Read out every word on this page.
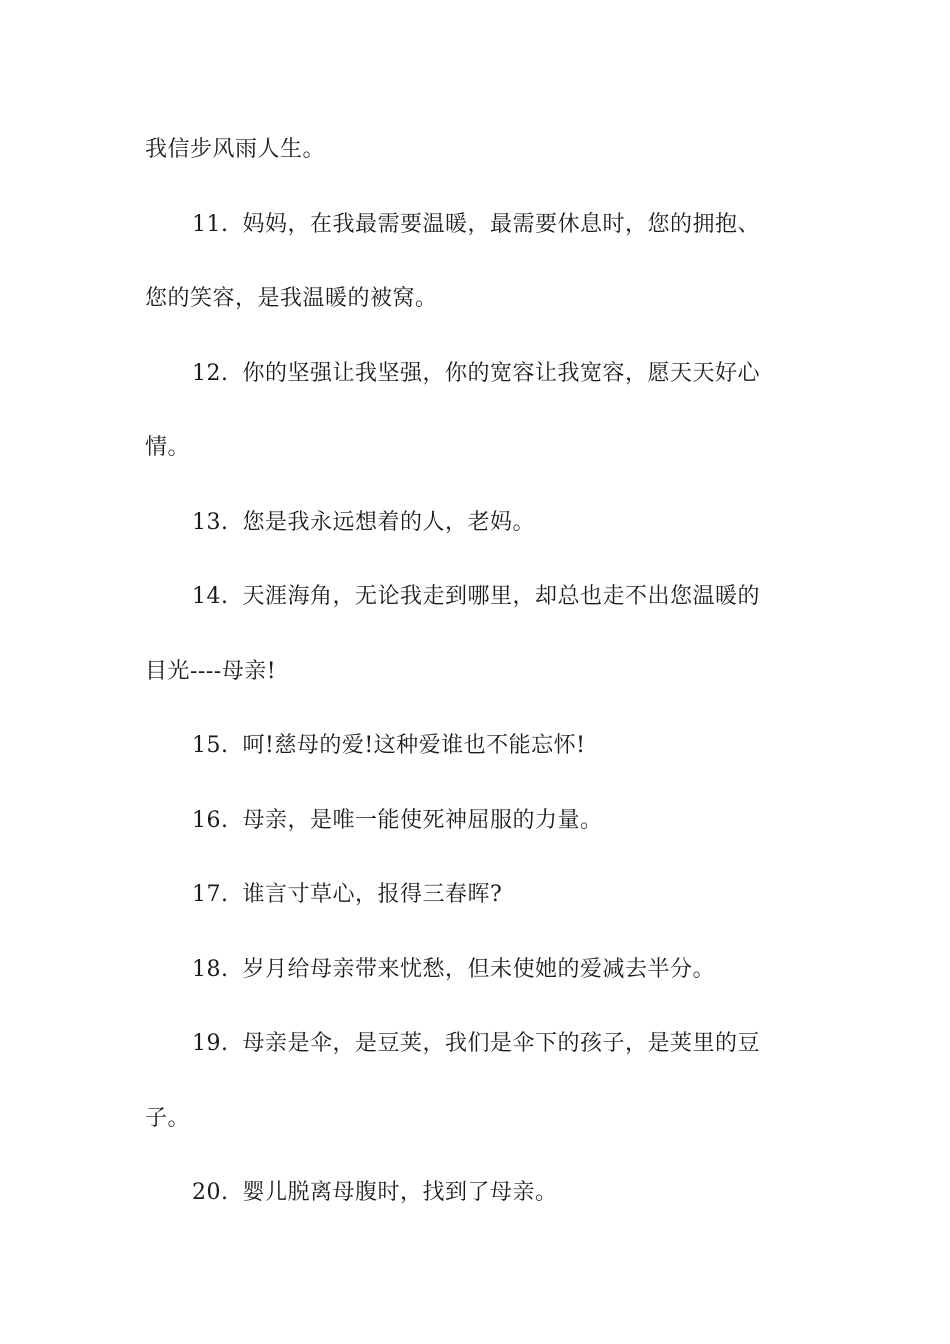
我信步风雨人生。
11. 妈妈，在我最需要温暖，最需要休息时，您的拥抱、
您的笑容，是我温暖的被窝。
12. 你的坚强让我坚强，你的宽容让我宽容，愿天天好心
情。
13. 您是我永远想着的人，老妈。
14. 天涯海角，无论我走到哪里，却总也走不出您温暖的
目光----母亲!
15. 呵!慈母的爱!这种爱谁也不能忘怀!
16. 母亲，是唯一能使死神屈服的力量。
17. 谁言寸草心，报得三春晖?
18. 岁月给母亲带来忧愁，但未使她的爱减去半分。
19. 母亲是伞，是豆荚，我们是伞下的孩子，是荚里的豆
子。
20. 婴儿脱离母腹时，找到了母亲。
